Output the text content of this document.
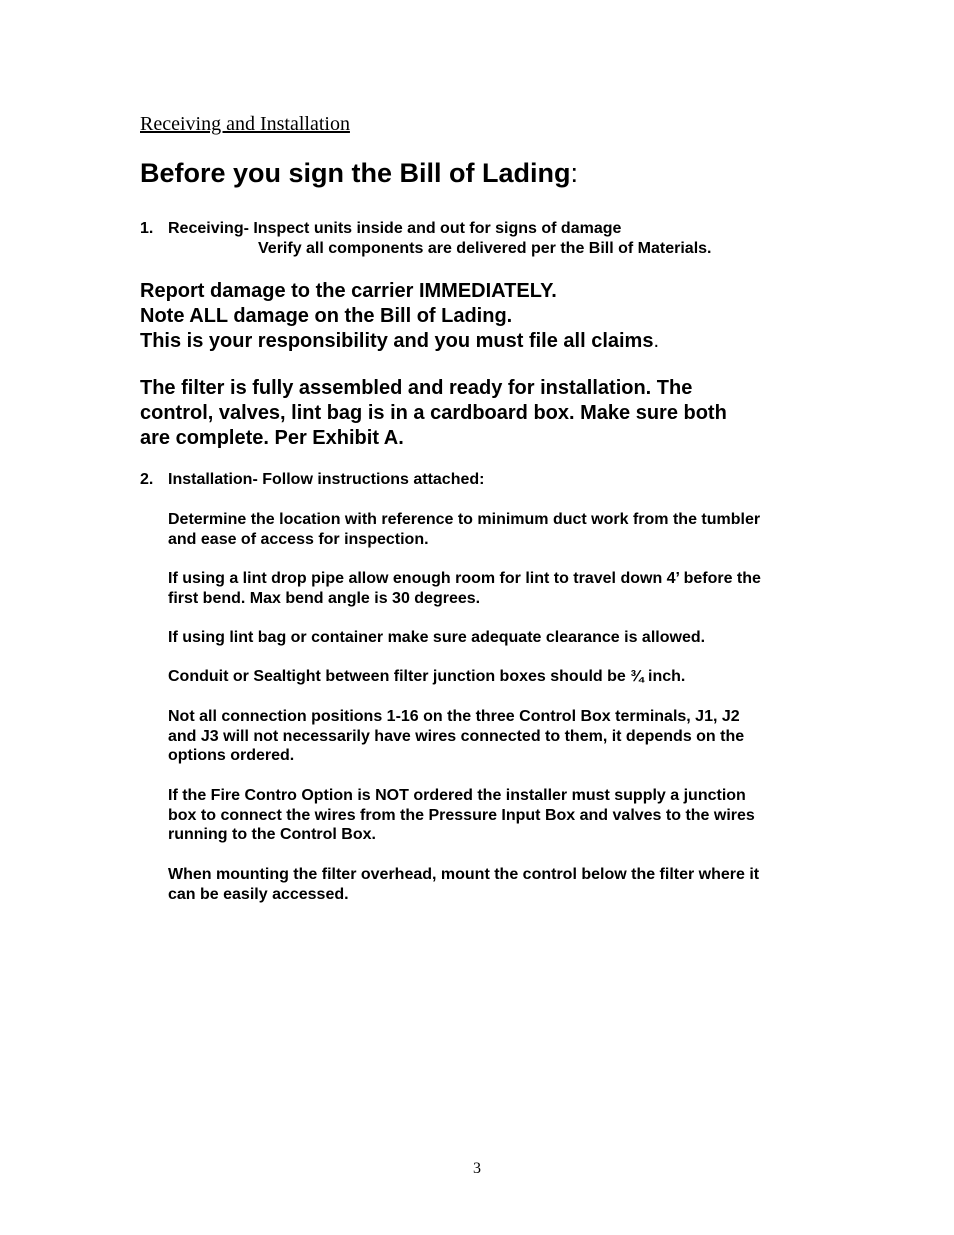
Receiving and Installation
Before you sign the Bill of Lading:
1. Receiving- Inspect units inside and out for signs of damage
Verify all components are delivered per the Bill of Materials.
Report damage to the carrier IMMEDIATELY.
Note ALL damage on the Bill of Lading.
This is your responsibility and you must file all claims.
The filter is fully assembled and ready for installation. The
control, valves, lint bag is in a cardboard box. Make sure both
are complete. Per Exhibit A.
2. Installation- Follow instructions attached:
Determine the location with reference to minimum duct work from the tumbler
and ease of access for inspection.
If using a lint drop pipe allow enough room for lint to travel down 4’ before the
first bend. Max bend angle is 30 degrees.
If using lint bag or container make sure adequate clearance is allowed.
Conduit or Sealtight between filter junction boxes should be ¾ inch.
Not all connection positions 1-16 on the three Control Box terminals, J1, J2
and J3 will not necessarily have wires connected to them, it depends on the
options ordered.
If the Fire Contro Option is NOT ordered the installer must supply a junction
box to connect the wires from the Pressure Input Box and valves to the wires
running to the Control Box.
When mounting the filter overhead, mount the control below the filter where it
can be easily accessed.
3
